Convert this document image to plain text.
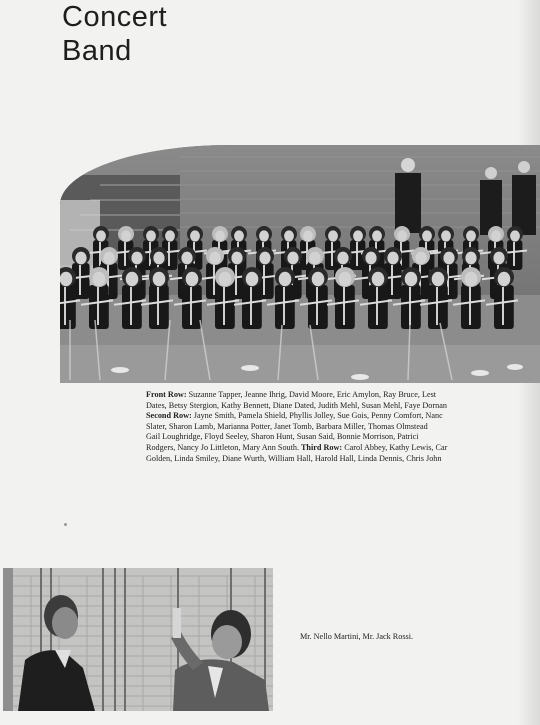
Concert
Band
Front Row: Suzanne Tapper, Jeanne Ihrig, David Moore, Eric Amylon, Ray Bruce, Lest
Dates, Betsy Stergion, Kathy Bennett, Diane Dated, Judith Mehl, Susan Mehl, Faye Dornan
Second Row: Jayne Smith, Pamela Shield, Phyllis Jolley, Sue Gois, Penny Comfort, Nanc
Slater, Sharon Lamb, Marianna Potter, Janet Tomb, Barbara Miller, Thomas Olmstead
Gail Loughridge, Floyd Seeley, Sharon Hunt, Susan Said, Bonnie Morrison, Patrici
Rodgers, Nancy Jo Littleton, Mary Ann South. Third Row: Carol Abbey, Kathy Lewis, Car
Golden, Linda Smiley, Diane Wurth, William Hall, Harold Hall, Linda Dennis, Chris John
Mr. Nello Martini, Mr. Jack Rossi.
